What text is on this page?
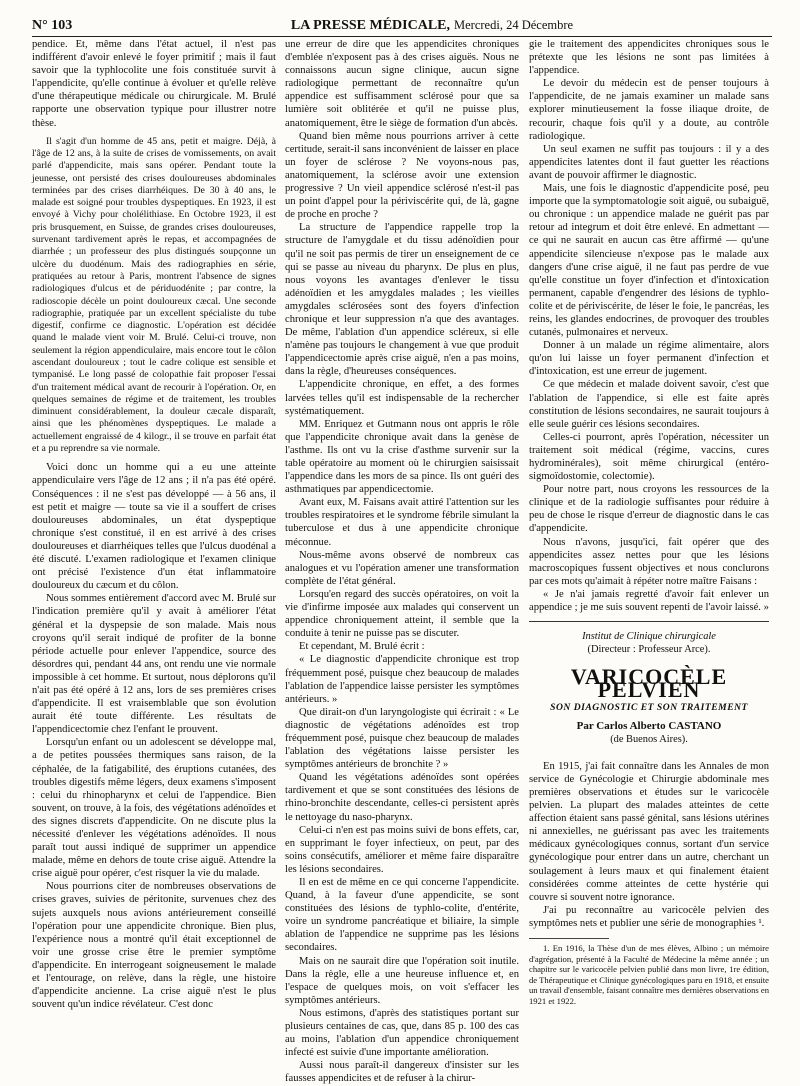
N° 103	LA PRESSE MÉDICALE, Mercredi, 24 Décembre

pendice. Et, même dans l'état actuel, il n'est pas indifférent d'avoir enlevé le foyer primitif ; mais il faut savoir que la typhlocolite une fois constituée survit à l'appendicite, qu'elle continue à évoluer et qu'elle relève d'une thérapeutique médicale ou chirurgicale. M. Brulé rapporte une observation typique pour illustrer notre thèse.

Il s'agit d'un homme de 45 ans, petit et maigre. Déjà, à l'âge de 12 ans, à la suite de crises de vomissements, on avait parlé d'appendicite, mais sans opérer. Pendant toute la jeunesse, ont persisté des crises douloureuses abdominales terminées par des crises diarrhéiques. De 30 à 40 ans, le malade est soigné pour troubles dyspeptiques. En 1923, il est envoyé à Vichy pour cholélithiase. En Octobre 1923, il est pris brusquement, en Suisse, de grandes crises douloureuses, survenant tardivement après le repas, et accompagnées de diarrhée ; un professeur des plus distingués soupçonne un ulcère du duodénum. Mais des radiographies en série, pratiquées au retour à Paris, montrent l'absence de signes radiologiques d'ulcus et de périduodénite ; par contre, la radioscopie décèle un point douloureux cæcal. Une seconde radiographie, pratiquée par un excellent spécialiste du tube digestif, confirme ce diagnostic. L'opération est décidée quand le malade vient voir M. Brulé. Celui-ci trouve, non seulement la région appendiculaire, mais encore tout le côlon ascendant douloureux ; tout le cadre colique est sensible et tympanisé. Le long passé de colopathie fait proposer l'essai d'un traitement médical avant de recourir à l'opération. Or, en quelques semaines de régime et de traitement, les troubles diminuent considérablement, la douleur cæcale disparaît, ainsi que les phénomènes dyspeptiques. Le malade a actuellement engraissé de 4 kilogr., il se trouve en parfait état et a pu reprendre sa vie normale.

Voici donc un homme qui a eu une atteinte appendiculaire vers l'âge de 12 ans ; il n'a pas été opéré. Conséquences : il ne s'est pas développé — à 56 ans, il est petit et maigre — toute sa vie il a souffert de crises douloureuses abdominales, un état dyspeptique chronique s'est constitué, il en est arrivé à des crises douloureuses et diarrhéiques telles que l'ulcus duodénal a été discuté. L'examen radiologique et l'examen clinique ont précisé l'existence d'un état inflammatoire douloureux du cæcum et du côlon.

Nous sommes entièrement d'accord avec M. Brulé sur l'indication première qu'il y avait à améliorer l'état général et la dyspepsie de son malade. Mais nous croyons qu'il serait indiqué de profiter de la bonne période actuelle pour enlever l'appendice, source des désordres qui, pendant 44 ans, ont rendu une vie normale impossible à cet homme. Et surtout, nous déplorons qu'il n'ait pas été opéré à 12 ans, lors de ses premières crises d'appendicite. Il est vraisemblable que son évolution aurait été toute différente. Les résultats de l'appendicectomie chez l'enfant le prouvent.

Lorsqu'un enfant ou un adolescent se développe mal, a de petites poussées thermiques sans raison, de la céphalée, de la fatigabilité, des éruptions cutanées, des troubles digestifs même légers, deux examens s'imposent : celui du rhinopharynx et celui de l'appendice. Bien souvent, on trouve, à la fois, des végétations adénoïdes et des signes discrets d'appendicite. On ne discute plus la nécessité d'enlever les végétations adénoïdes. Il nous paraît tout aussi indiqué de supprimer un appendice malade, même en dehors de toute crise aiguë. Attendre la crise aiguë pour opérer, c'est risquer la vie du malade.

Nous pourrions citer de nombreuses observations de crises graves, suivies de péritonite, survenues chez des sujets auxquels nous avions antérieurement conseillé l'opération pour une appendicite chronique. Bien plus, l'expérience nous a montré qu'il était exceptionnel de voir une grosse crise être le premier symptôme d'appendicite. En interrogeant soigneusement le malade et l'entourage, on relève, dans la règle, une histoire d'appendicite ancienne. La crise aiguë n'est le plus souvent qu'un indice révélateur. C'est donc

une erreur de dire que les appendicites chroniques d'emblée n'exposent pas à des crises aiguës. Nous ne connaissons aucun signe clinique, aucun signe radiologique permettant de reconnaître qu'un appendice est suffisamment sclérosé pour que sa lumière soit oblitérée et qu'il ne puisse plus, anatomiquement, être le siège de formation d'un abcès.

Quand bien même nous pourrions arriver à cette certitude, serait-il sans inconvénient de laisser en place un foyer de sclérose ? Ne voyons-nous pas, anatomiquement, la sclérose avoir une extension progressive ? Un vieil appendice sclérosé n'est-il pas un point d'appel pour la périviscérite qui, de là, gagne de proche en proche ?

La structure de l'appendice rappelle trop la structure de l'amygdale et du tissu adénoïdien pour qu'il ne soit pas permis de tirer un enseignement de ce qui se passe au niveau du pharynx. De plus en plus, nous voyons les avantages d'enlever le tissu adénoïdien et les amygdales malades ; les vieilles amygdales sclérosées sont des foyers d'infection chronique et leur suppression n'a que des avantages. De même, l'ablation d'un appendice scléreux, si elle n'amène pas toujours le changement à vue que produit l'appendicectomie après crise aiguë, n'en a pas moins, dans la règle, d'heureuses conséquences.

L'appendicite chronique, en effet, a des formes larvées telles qu'il est indispensable de la rechercher systématiquement.

MM. Enriquez et Gutmann nous ont appris le rôle que l'appendicite chronique avait dans la genèse de l'asthme. Ils ont vu la crise d'asthme survenir sur la table opératoire au moment où le chirurgien saisissait l'appendice dans les mors de sa pince. Ils ont guéri des asthmatiques par appendicectomie.

Avant eux, M. Faisans avait attiré l'attention sur les troubles respiratoires et le syndrome fébrile simulant la tuberculose et dus à une appendicite chronique méconnue.

Nous-même avons observé de nombreux cas analogues et vu l'opération amener une transformation complète de l'état général.

Lorsqu'en regard des succès opératoires, on voit la vie d'infirme imposée aux malades qui conservent un appendice chroniquement atteint, il semble que la conduite à tenir ne puisse pas se discuter.

Et cependant, M. Brulé écrit :

« Le diagnostic d'appendicite chronique est trop fréquemment posé, puisque chez beaucoup de malades l'ablation de l'appendice laisse persister les symptômes antérieurs. »

Que dirait-on d'un laryngologiste qui écrirait : « Le diagnostic de végétations adénoïdes est trop fréquemment posé, puisque chez beaucoup de malades l'ablation des végétations laisse persister les symptômes antérieurs de bronchite ? »

Quand les végétations adénoïdes sont opérées tardivement et que se sont constituées des lésions de rhino-bronchite descendante, celles-ci persistent après le nettoyage du naso-pharynx.

Celui-ci n'en est pas moins suivi de bons effets, car, en supprimant le foyer infectieux, on peut, par des soins consécutifs, améliorer et même faire disparaître les lésions secondaires.

Il en est de même en ce qui concerne l'appendicite. Quand, à la faveur d'une appendicite, se sont constituées des lésions de typhlo-colite, d'entérite, voire un syndrome pancréatique et biliaire, la simple ablation de l'appendice ne supprime pas les lésions secondaires.

Mais on ne saurait dire que l'opération soit inutile. Dans la règle, elle a une heureuse influence et, en l'espace de quelques mois, on voit s'effacer les symptômes antérieurs.

Nous estimons, d'après des statistiques portant sur plusieurs centaines de cas, que, dans 85 p. 100 des cas au moins, l'ablation d'un appendice chroniquement infecté est suivie d'une importante amélioration.

Aussi nous paraît-il dangereux d'insister sur les fausses appendicites et de refuser à la chirur-

gie le traitement des appendicites chroniques sous le prétexte que les lésions ne sont pas limitées à l'appendice.

Le devoir du médecin est de penser toujours à l'appendicite, de ne jamais examiner un malade sans explorer minutieusement la fosse iliaque droite, de recourir, chaque fois qu'il y a doute, au contrôle radiologique.

Un seul examen ne suffit pas toujours : il y a des appendicites latentes dont il faut guetter les réactions avant de pouvoir affirmer le diagnostic.

Mais, une fois le diagnostic d'appendicite posé, peu importe que la symptomatologie soit aiguë, ou subaiguë, ou chronique : un appendice malade ne guérit pas par retour ad integrum et doit être enlevé. En admettant — ce qui ne saurait en aucun cas être affirmé — qu'une appendicite silencieuse n'expose pas le malade aux dangers d'une crise aiguë, il ne faut pas perdre de vue qu'elle constitue un foyer d'infection et d'intoxication permanent, capable d'engendrer des lésions de typhlo-colite et de périviscérite, de léser le foie, le pancréas, les reins, les glandes endocrines, de provoquer des troubles cutanés, pulmonaires et nerveux.

Donner à un malade un régime alimentaire, alors qu'on lui laisse un foyer permanent d'infection et d'intoxication, est une erreur de jugement.

Ce que médecin et malade doivent savoir, c'est que l'ablation de l'appendice, si elle est faite après constitution de lésions secondaires, ne saurait toujours à elle seule guérir ces lésions secondaires.

Celles-ci pourront, après l'opération, nécessiter un traitement soit médical (régime, vaccins, cures hydrominérales), soit même chirurgical (entéro-sigmoïdostomie, colectomie).

Pour notre part, nous croyons les ressources de la clinique et de la radiologie suffisantes pour réduire à peu de chose le risque d'erreur de diagnostic dans le cas d'appendicite.

Nous n'avons, jusqu'ici, fait opérer que des appendicites assez nettes pour que les lésions macroscopiques fussent objectives et nous conclurons par ces mots qu'aimait à répéter notre maître Faisans :

« Je n'ai jamais regretté d'avoir fait enlever un appendice ; je me suis souvent repenti de l'avoir laissé. »

Institut de Clinique chirurgicale
(Directeur : Professeur Arce).
VARICOCÈLE PELVIEN
SON DIAGNOSTIC ET SON TRAITEMENT
Par Carlos Alberto CASTANO
(de Buenos Aires).

En 1915, j'ai fait connaître dans les Annales de mon service de Gynécologie et Chirurgie abdominale mes premières observations et études sur le varicocèle pelvien. La plupart des malades atteintes de cette affection étaient sans passé génital, sans lésions utérines ni annexielles, ne guérissant pas avec les traitements médicaux gynécologiques connus, sortant d'un service gynécologique pour entrer dans un autre, cherchant un soulagement à leurs maux et qui finalement étaient considérées comme atteintes de cette hystérie qui couvre si souvent notre ignorance.

J'ai pu reconnaître au varicocèle pelvien des symptômes nets et publier une série de monographies ¹.

1. En 1916, la Thèse d'un de mes élèves, Albino ; un mémoire d'agrégation, présenté à la Faculté de Médecine la même année ; un chapitre sur le varicocèle pelvien publié dans mon livre, 1re édition, de Thérapeutique et Clinique gynécologiques paru en 1918, et ensuite un travail d'ensemble, faisant connaître mes dernières observations en 1921 et 1922.
